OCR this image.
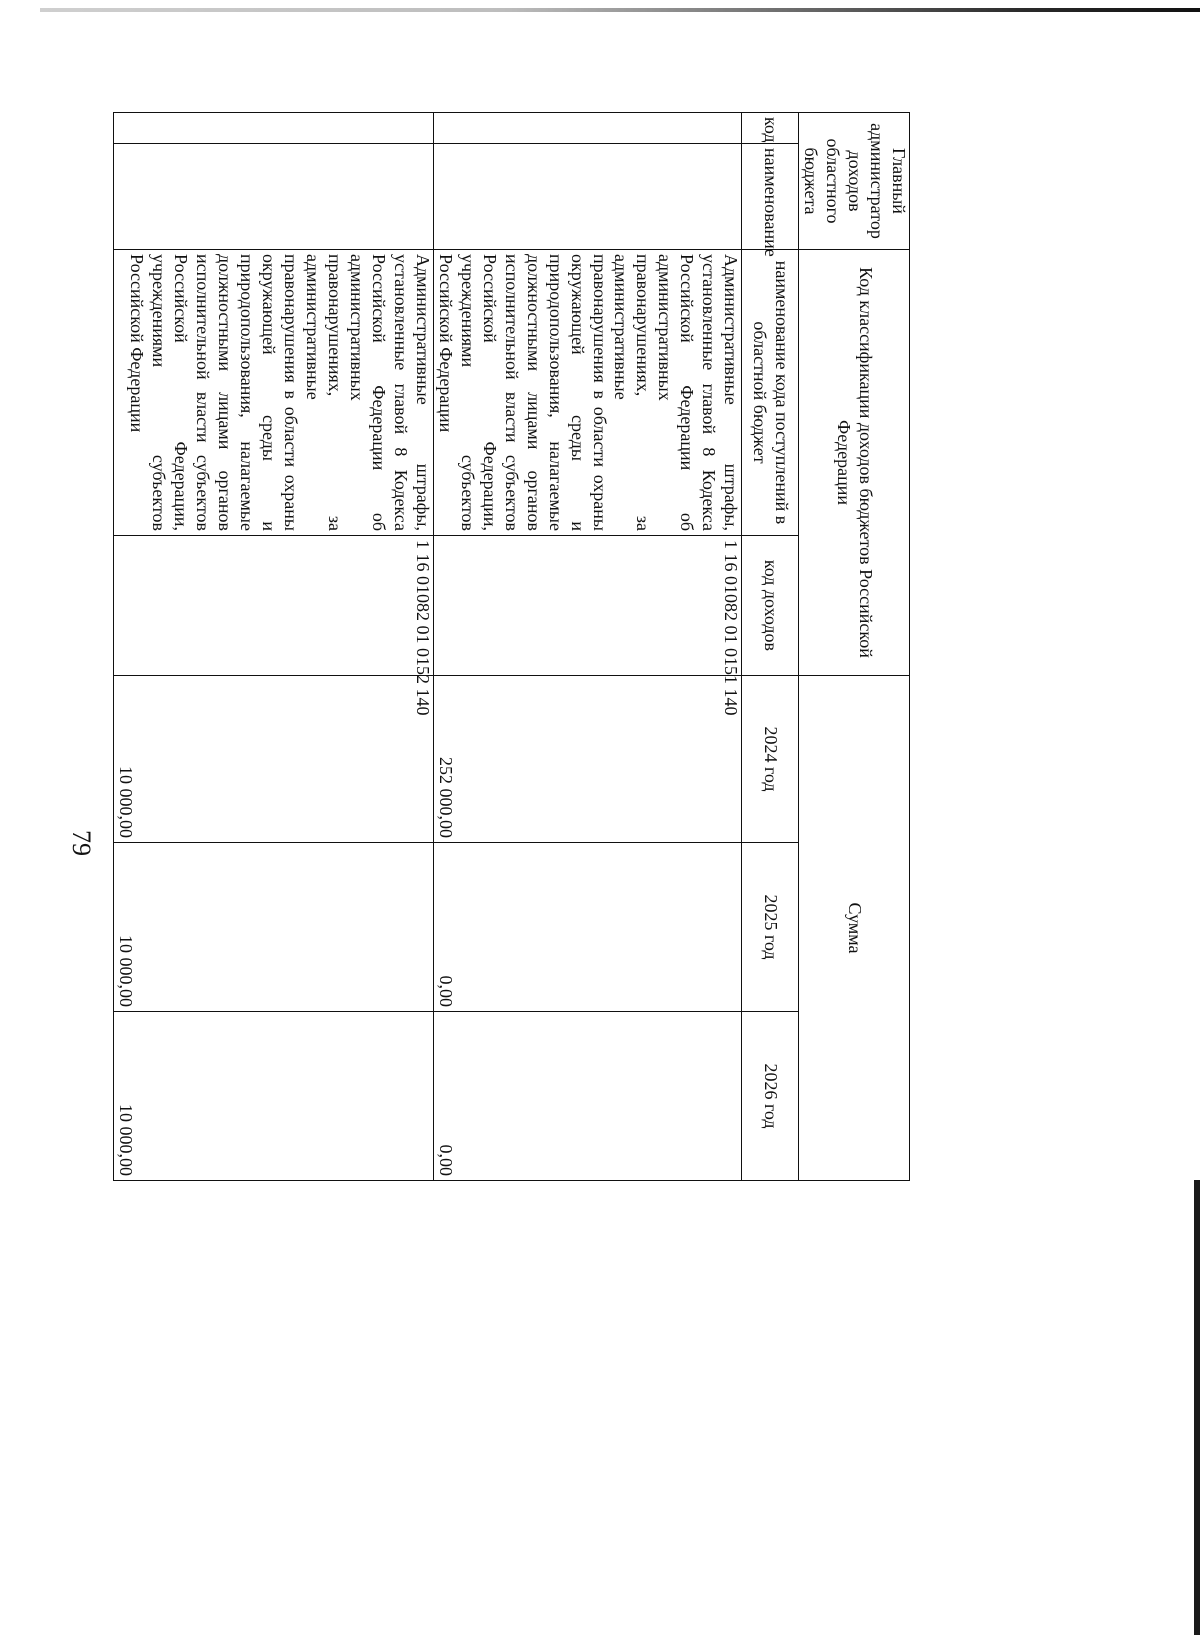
79
Главный администратор доходов областного бюджета		Код классификации доходов бюджетов Российской Федерации		Сумма		
код	наименование	наименование кода поступлений в областной бюджет	код доходов	2024 год	2025 год	2026 год
		Административные штрафы, установленные главой 8 Кодекса Российской Федерации об административных правонарушениях, за административные правонарушения в области охраны окружающей среды и природопользования, налагаемые должностными лицами органов исполнительной власти субъектов Российской Федерации, учреждениями субъектов Российской Федерации	1 16 01082 01 0151 140	252 000,00	0,00	0,00
		Административные штрафы, установленные главой 8 Кодекса Российской Федерации об административных правонарушениях, за административные правонарушения в области охраны окружающей среды и природопользования, налагаемые должностными лицами органов исполнительной власти субъектов Российской Федерации, учреждениями субъектов Российской Федерации	1 16 01082 01 0152 140	10 000,00	10 000,00	10 000,00
